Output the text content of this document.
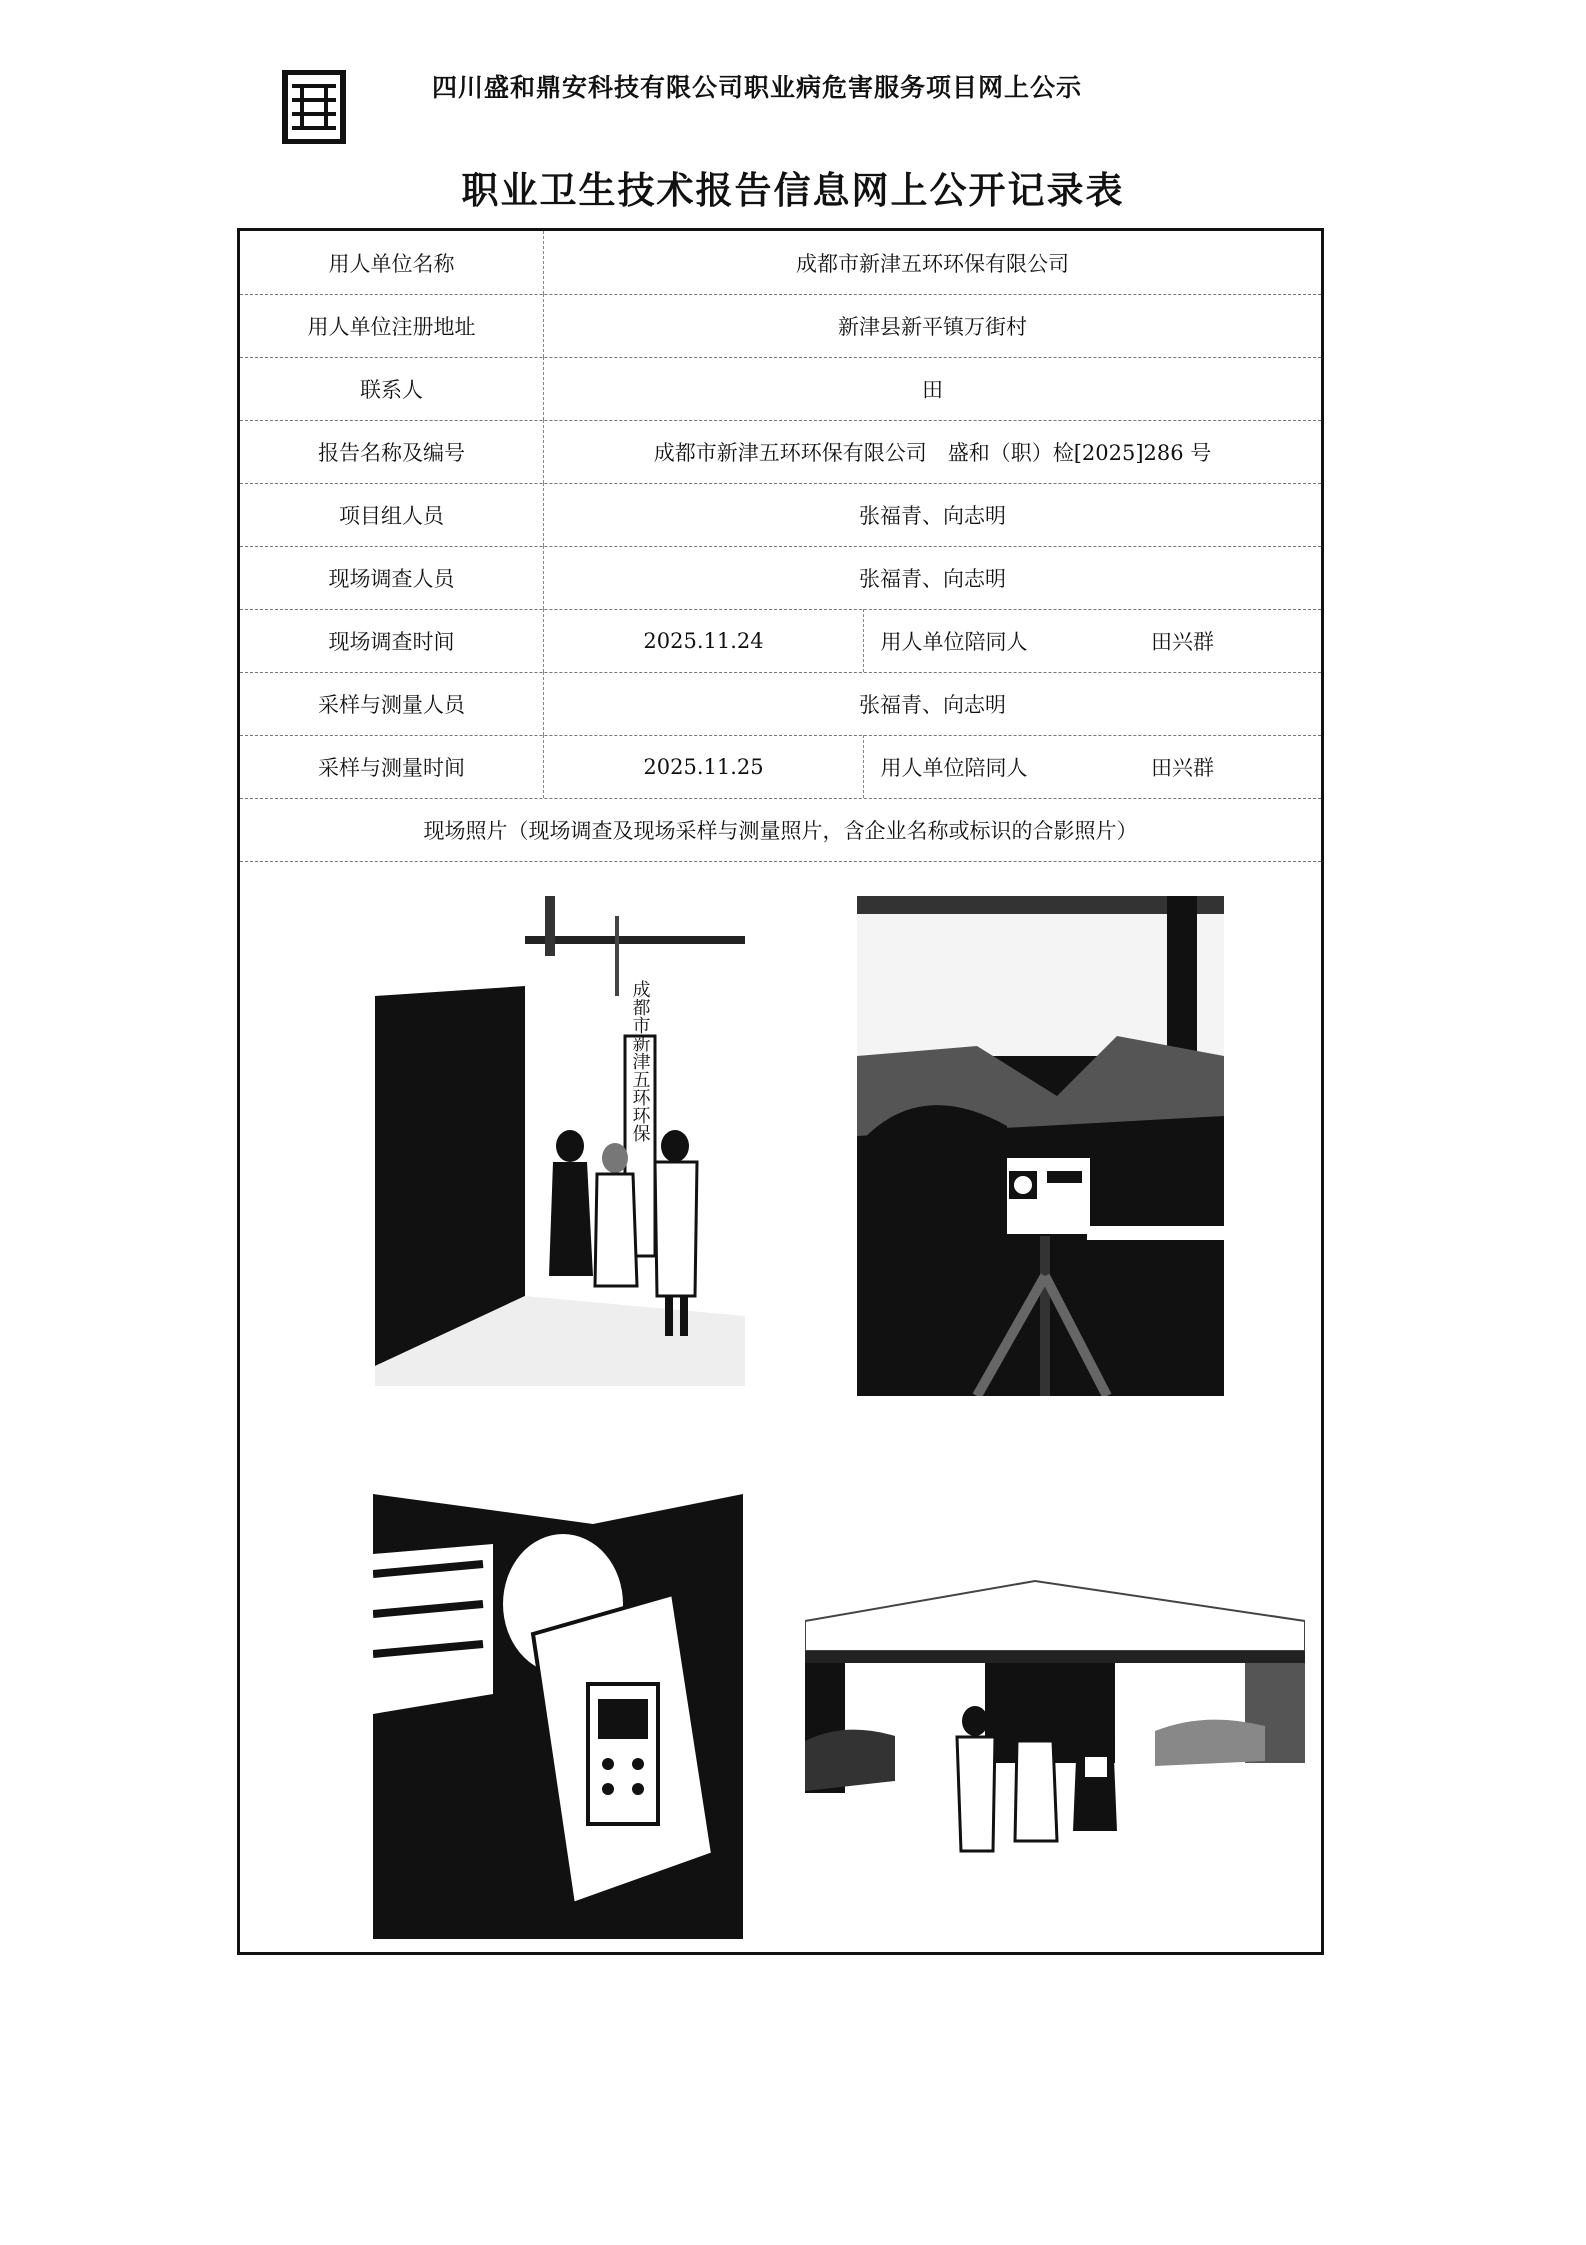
四川盛和鼎安科技有限公司职业病危害服务项目网上公示
职业卫生技术报告信息网上公开记录表
用人单位名称	成都市新津五环环保有限公司
用人单位注册地址	新津县新平镇万街村
联系人	田
报告名称及编号	成都市新津五环环保有限公司　盛和（职）检[2025]286 号
项目组人员	张福青、向志明
现场调查人员	张福青、向志明
现场调查时间	2025.11.24	用人单位陪同人	田兴群
采样与测量人员	张福青、向志明
采样与测量时间	2025.11.25	用人单位陪同人	田兴群
现场照片（现场调查及现场采样与测量照片，含企业名称或标识的合影照片）
成都市新津五环环保
